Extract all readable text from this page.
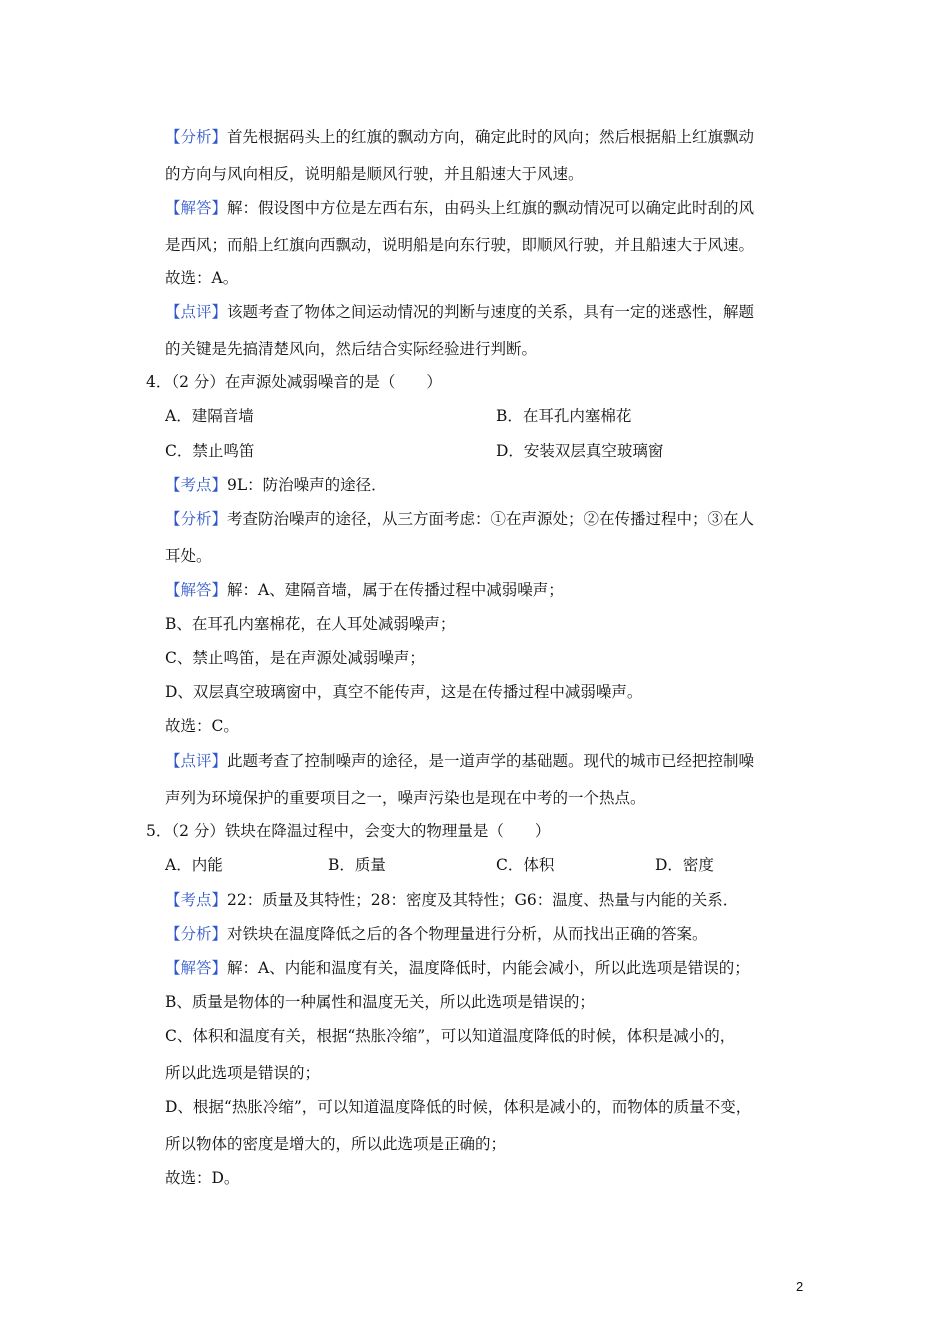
【分析】首先根据码头上的红旗的飘动方向，确定此时的风向；然后根据船上红旗飘动
的方向与风向相反，说明船是顺风行驶，并且船速大于风速。
【解答】解：假设图中方位是左西右东，由码头上红旗的飘动情况可以确定此时刮的风
是西风；而船上红旗向西飘动，说明船是向东行驶，即顺风行驶，并且船速大于风速。
故选：A。
【点评】该题考查了物体之间运动情况的判断与速度的关系，具有一定的迷惑性，解题
的关键是先搞清楚风向，然后结合实际经验进行判断。
4．（2 分）在声源处减弱噪音的是（　　）
A．建隔音墙	B．在耳孔内塞棉花
C．禁止鸣笛	D．安装双层真空玻璃窗
【考点】9L：防治噪声的途径．
【分析】考查防治噪声的途径，从三方面考虑：①在声源处；②在传播过程中；③在人
耳处。
【解答】解：A、建隔音墙，属于在传播过程中减弱噪声；
B、在耳孔内塞棉花，在人耳处减弱噪声；
C、禁止鸣笛，是在声源处减弱噪声；
D、双层真空玻璃窗中，真空不能传声，这是在传播过程中减弱噪声。
故选：C。
【点评】此题考查了控制噪声的途径，是一道声学的基础题。现代的城市已经把控制噪
声列为环境保护的重要项目之一，噪声污染也是现在中考的一个热点。
5．（2 分）铁块在降温过程中，会变大的物理量是（　　）
A．内能	B．质量	C．体积	D．密度
【考点】22：质量及其特性；28：密度及其特性；G6：温度、热量与内能的关系．
【分析】对铁块在温度降低之后的各个物理量进行分析，从而找出正确的答案。
【解答】解：A、内能和温度有关，温度降低时，内能会减小，所以此选项是错误的；
B、质量是物体的一种属性和温度无关，所以此选项是错误的；
C、体积和温度有关，根据“热胀冷缩”，可以知道温度降低的时候，体积是减小的，
所以此选项是错误的；
D、根据“热胀冷缩”，可以知道温度降低的时候，体积是减小的，而物体的质量不变，
所以物体的密度是增大的，所以此选项是正确的；
故选：D。
2
